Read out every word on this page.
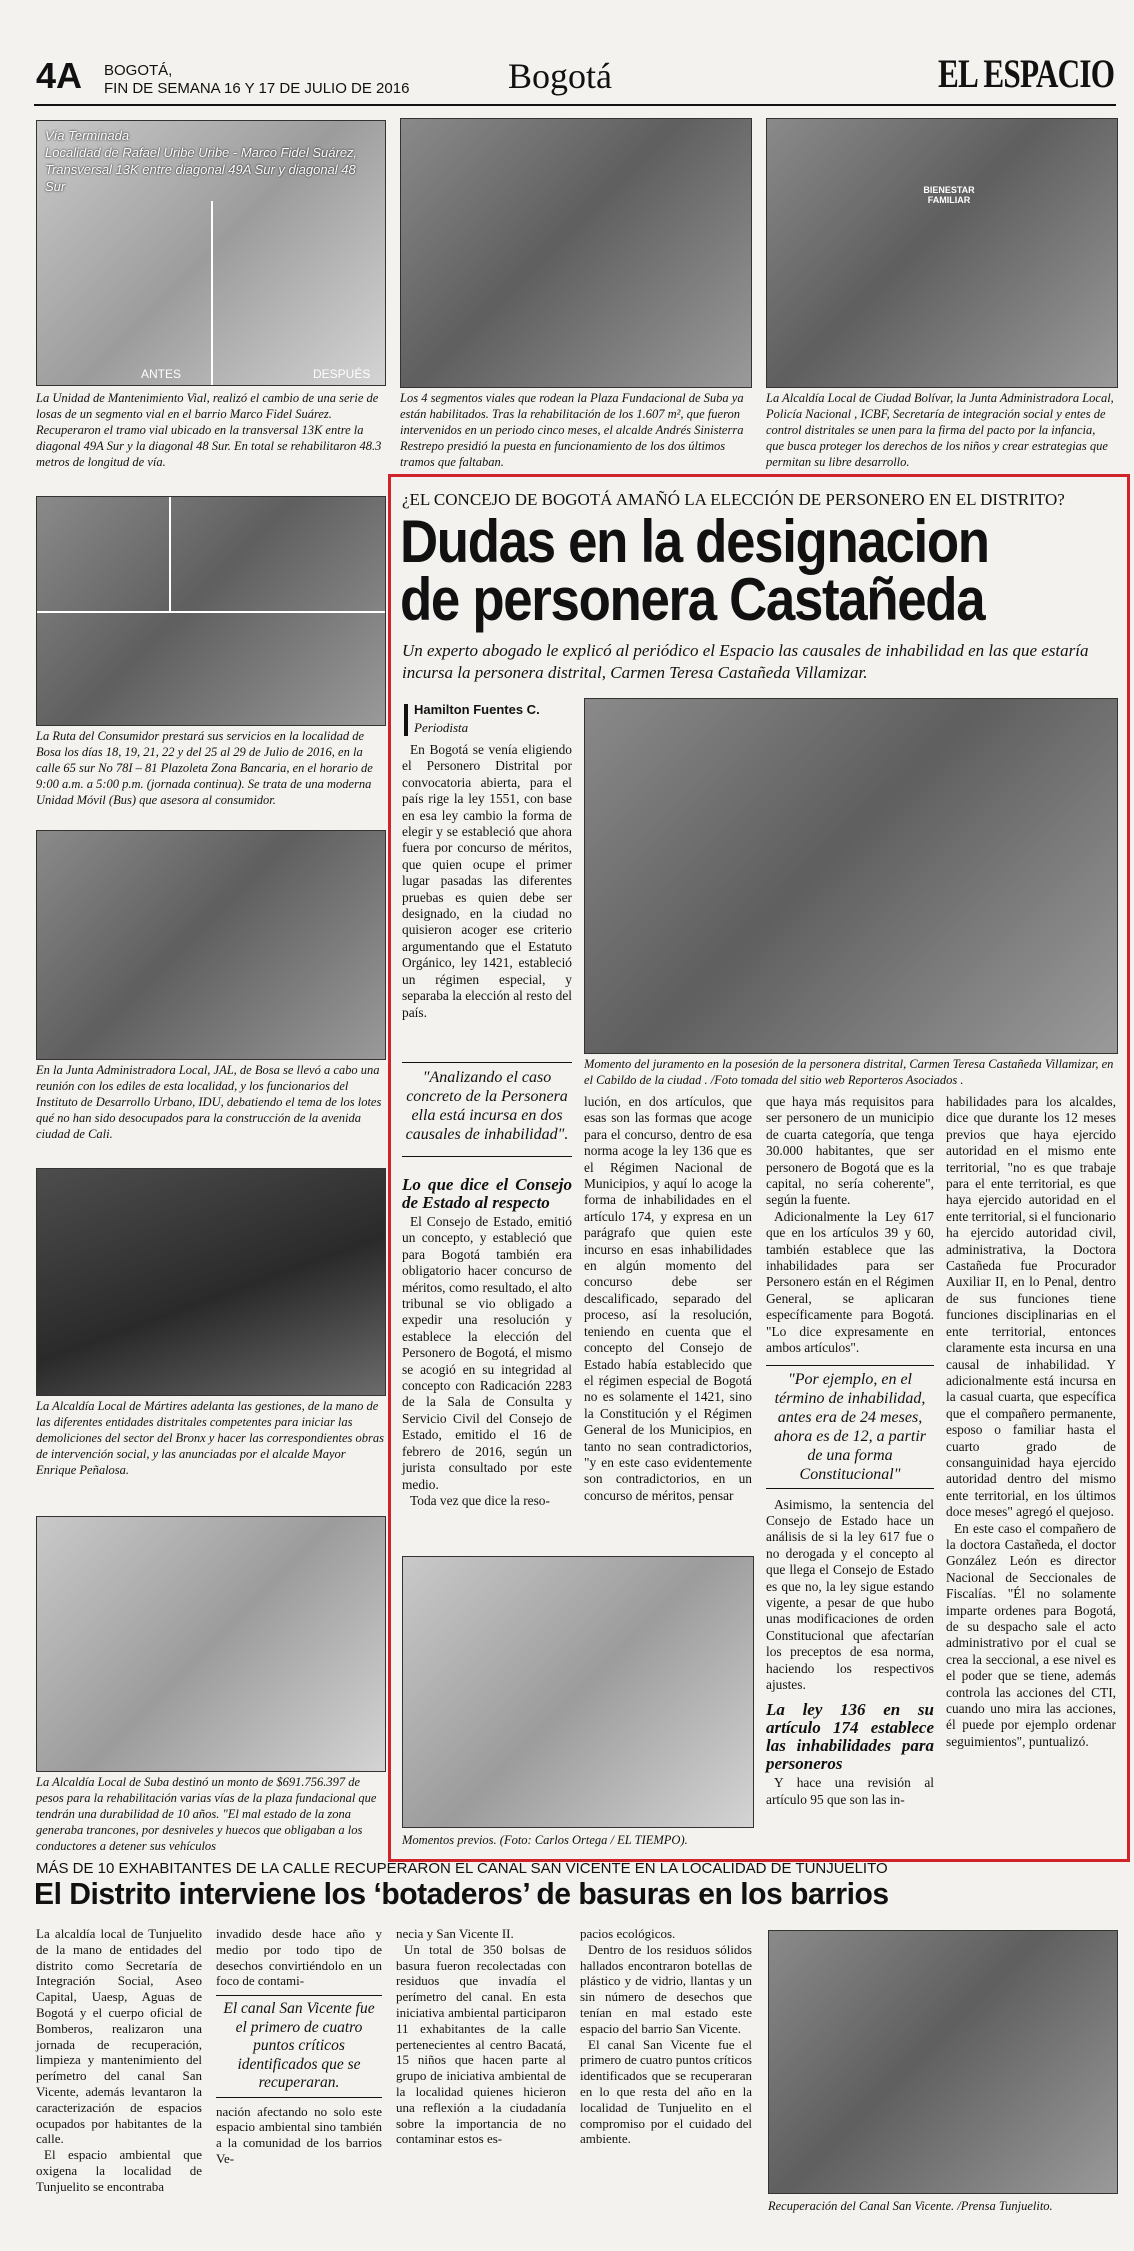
4A BOGOTÁ,
FIN DE SEMANA 16 Y 17 DE JULIO DE 2016	Bogotá	EL ESPACIO
Vía Terminada
Localidad de Rafael Uribe Uribe - Marco Fidel Suárez, Transversal 13K entre diagonal 49A Sur y diagonal 48 Sur
ANTES	DESPUÉS
La Unidad de Mantenimiento Vial, realizó el cambio de una serie de losas de un segmento vial en el barrio Marco Fidel Suárez. Recuperaron el tramo vial ubicado en la transversal 13K entre la diagonal 49A Sur y la diagonal 48 Sur. En total se rehabilitaron 48.3 metros de longitud de vía.
Los 4 segmentos viales que rodean la Plaza Fundacional de Suba ya están habilitados. Tras la rehabilitación de los 1.607 m², que fueron intervenidos en un periodo cinco meses, el alcalde Andrés Sinisterra Restrepo presidió la puesta en funcionamiento de los dos últimos tramos que faltaban.
BIENESTAR FAMILIAR
La Alcaldía Local de Ciudad Bolívar, la Junta Administradora Local, Policía Nacional , ICBF, Secretaría de integración social y entes de control distritales se unen para la firma del pacto por la infancia, que busca proteger los derechos de los niños y crear estrategias que permitan su libre desarrollo.
La Ruta del Consumidor prestará sus servicios en la localidad de Bosa los días 18, 19, 21, 22 y del 25 al 29 de Julio de 2016, en la calle 65 sur No 78I – 81 Plazoleta Zona Bancaria, en el horario de 9:00 a.m. a 5:00 p.m. (jornada continua). Se trata de una moderna Unidad Móvil (Bus) que asesora al consumidor.
En la Junta Administradora Local, JAL, de Bosa se llevó a cabo una reunión con los ediles de esta localidad, y los funcionarios del Instituto de Desarrollo Urbano, IDU, debatiendo el tema de los lotes qué no han sido desocupados para la construcción de la avenida ciudad de Cali.
La Alcaldía Local de Mártires adelanta las gestiones, de la mano de las diferentes entidades distritales competentes para iniciar las demoliciones del sector del Bronx y hacer las correspondientes obras de intervención social, y las anunciadas por el alcalde Mayor Enrique Peñalosa.
La Alcaldía Local de Suba destinó un monto de $691.756.397 de pesos para la rehabilitación varias vías de la plaza fundacional que tendrán una durabilidad de 10 años. "El mal estado de la zona generaba trancones, por desniveles y huecos que obligaban a los conductores a detener sus vehículos
¿EL CONCEJO DE BOGOTÁ AMAÑÓ LA ELECCIÓN DE PERSONERO EN EL DISTRITO?
Dudas en la designacion
de personera Castañeda
Un experto abogado le explicó al periódico el Espacio las causales de inhabilidad en las que estaría incursa la personera distrital, Carmen Teresa Castañeda Villamizar.
Hamilton Fuentes C.
Periodista
Momento del juramento en la posesión de la personera distrital, Carmen Teresa Castañeda Villamizar, en el Cabildo de la ciudad . /Foto tomada del sitio web Reporteros Asociados .

En Bogotá se venía eligiendo el Personero Distrital por convocatoria abierta, para el país rige la ley 1551, con base en esa ley cambio la forma de elegir y se estableció que ahora fuera por concurso de méritos, que quien ocupe el primer lugar pasadas las diferentes pruebas es quien debe ser designado, en la ciudad no quisieron acoger ese criterio argumentando que el Estatuto Orgánico, ley 1421, estableció un régimen especial, y separaba la elección al resto del país.

"Analizando el caso concreto de la Personera ella está incursa en dos causales de inhabilidad".
Lo que dice el Consejo de Estado al respecto

El Consejo de Estado, emitió un concepto, y estableció que para Bogotá también era obligatorio hacer concurso de méritos, como resultado, el alto tribunal se vio obligado a expedir una resolución y establece la elección del Personero de Bogotá, el mismo se acogió en su integridad al concepto con Radicación 2283 de la Sala de Consulta y Servicio Civil del Consejo de Estado, emitido el 16 de febrero de 2016, según un jurista consultado por este medio.

Toda vez que dice la reso-

lución, en dos artículos, que esas son las formas que acoge para el concurso, dentro de esa norma acoge la ley 136 que es el Régimen Nacional de Municipios, y aquí lo acoge la forma de inhabilidades en el artículo 174, y expresa en un parágrafo que quien este incurso en esas inhabilidades en algún momento del concurso debe ser descalificado, separado del proceso, así la resolución, teniendo en cuenta que el concepto del Consejo de Estado había establecido que el régimen especial de Bogotá no es solamente el 1421, sino la Constitución y el Régimen General de los Municipios, en tanto no sean contradictorios, "y en este caso evidentemente son contradictorios, en un concurso de méritos, pensar

que haya más requisitos para ser personero de un municipio de cuarta categoría, que tenga 30.000 habitantes, que ser personero de Bogotá que es la capital, no sería coherente", según la fuente.

Adicionalmente la Ley 617 que en los artículos 39 y 60, también establece que las inhabilidades para ser Personero están en el Régimen General, se aplicaran específicamente para Bogotá. "Lo dice expresamente en ambos artículos".

"Por ejemplo, en el término de inhabilidad, antes era de 24 meses, ahora es de 12, a partir de una forma Constitucional"

Asimismo, la sentencia del Consejo de Estado hace un análisis de si la ley 617 fue o no derogada y el concepto al que llega el Consejo de Estado es que no, la ley sigue estando vigente, a pesar de que hubo unas modificaciones de orden Constitucional que afectarían los preceptos de esa norma, haciendo los respectivos ajustes.

La ley 136 en su artículo 174 establece las inhabilidades para personeros

Y hace una revisión al artículo 95 que son las in-

habilidades para los alcaldes, dice que durante los 12 meses previos que haya ejercido autoridad en el mismo ente territorial, "no es que trabaje para el ente territorial, es que haya ejercido autoridad en el ente territorial, si el funcionario ha ejercido autoridad civil, administrativa, la Doctora Castañeda fue Procurador Auxiliar II, en lo Penal, dentro de sus funciones tiene funciones disciplinarias en el ente territorial, entonces claramente esta incursa en una causal de inhabilidad. Y adicionalmente está incursa en la casual cuarta, que específica que el compañero permanente, esposo o familiar hasta el cuarto grado de consanguinidad haya ejercido autoridad dentro del mismo ente territorial, en los últimos doce meses" agregó el quejoso.

En este caso el compañero de la doctora Castañeda, el doctor González León es director Nacional de Seccionales de Fiscalías. "Él no solamente imparte ordenes para Bogotá, de su despacho sale el acto administrativo por el cual se crea la seccional, a ese nivel es el poder que se tiene, además controla las acciones del CTI, cuando uno mira las acciones, él puede por ejemplo ordenar seguimientos", puntualizó.

Momentos previos. (Foto: Carlos Ortega / EL TIEMPO).
MÁS DE 10 EXHABITANTES DE LA CALLE RECUPERARON EL CANAL SAN VICENTE EN LA LOCALIDAD DE TUNJUELITO
El Distrito interviene los ‘botaderos’ de basuras en los barrios

La alcaldía local de Tunjuelito de la mano de entidades del distrito como Secretaría de Integración Social, Aseo Capital, Uaesp, Aguas de Bogotá y el cuerpo oficial de Bomberos, realizaron una jornada de recuperación, limpieza y mantenimiento del perímetro del canal San Vicente, además levantaron la caracterización de espacios ocupados por habitantes de la calle.

El espacio ambiental que oxigena la localidad de Tunjuelito se encontraba

invadido desde hace año y medio por todo tipo de desechos convirtiéndolo en un foco de contami-

El canal San Vicente fue el primero de cuatro puntos críticos identificados que se recuperaran.

nación afectando no solo este espacio ambiental sino también a la comunidad de los barrios Ve-

necia y San Vicente II.

Un total de 350 bolsas de basura fueron recolectadas con residuos que invadía el perímetro del canal. En esta iniciativa ambiental participaron 11 exhabitantes de la calle pertenecientes al centro Bacatá, 15 niños que hacen parte al grupo de iniciativa ambiental de la localidad quienes hicieron una reflexión a la ciudadanía sobre la importancia de no contaminar estos es-

pacios ecológicos.

Dentro de los residuos sólidos hallados encontraron botellas de plástico y de vidrio, llantas y un sin número de desechos que tenían en mal estado este espacio del barrio San Vicente.

El canal San Vicente fue el primero de cuatro puntos críticos identificados que se recuperaran en lo que resta del año en la localidad de Tunjuelito en el compromiso por el cuidado del ambiente.

Recuperación del Canal San Vicente. /Prensa Tunjuelito.
